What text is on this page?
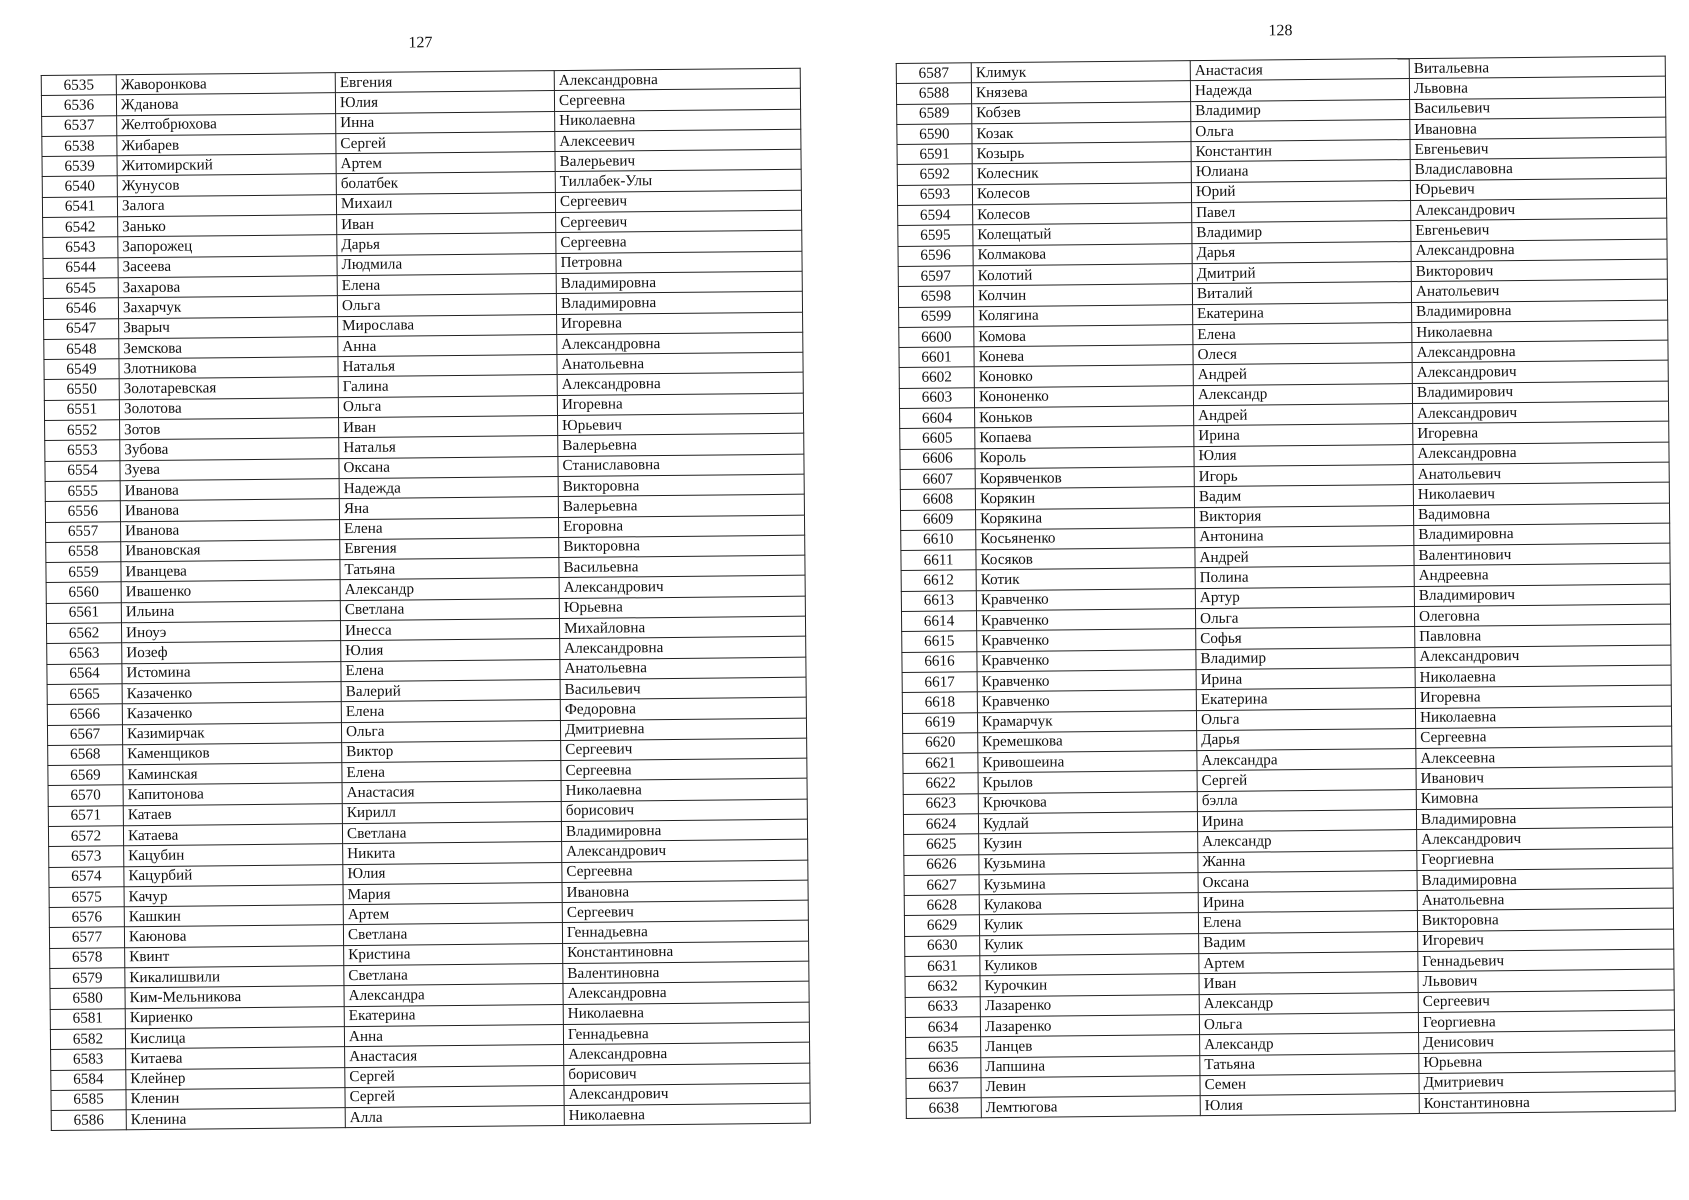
127
6535	Жаворонкова	Евгения	Александровна
6536	Жданова	Юлия	Сергеевна
6537	Желтобрюхова	Инна	Николаевна
6538	Жибарев	Сергей	Алексеевич
6539	Житомирский	Артем	Валерьевич
6540	Жунусов	болатбек	Тиллабек-Улы
6541	Залога	Михаил	Сергеевич
6542	Занько	Иван	Сергеевич
6543	Запорожец	Дарья	Сергеевна
6544	Засеева	Людмила	Петровна
6545	Захарова	Елена	Владимировна
6546	Захарчук	Ольга	Владимировна
6547	Зварыч	Мирослава	Игоревна
6548	Земскова	Анна	Александровна
6549	Злотникова	Наталья	Анатольевна
6550	Золотаревская	Галина	Александровна
6551	Золотова	Ольга	Игоревна
6552	Зотов	Иван	Юрьевич
6553	Зубова	Наталья	Валерьевна
6554	Зуева	Оксана	Станиславовна
6555	Иванова	Надежда	Викторовна
6556	Иванова	Яна	Валерьевна
6557	Иванова	Елена	Егоровна
6558	Ивановская	Евгения	Викторовна
6559	Иванцева	Татьяна	Васильевна
6560	Ивашенко	Александр	Александрович
6561	Ильина	Светлана	Юрьевна
6562	Иноуэ	Инесса	Михайловна
6563	Иозеф	Юлия	Александровна
6564	Истомина	Елена	Анатольевна
6565	Казаченко	Валерий	Васильевич
6566	Казаченко	Елена	Федоровна
6567	Казимирчак	Ольга	Дмитриевна
6568	Каменщиков	Виктор	Сергеевич
6569	Каминская	Елена	Сергеевна
6570	Капитонова	Анастасия	Николаевна
6571	Катаев	Кирилл	борисович
6572	Катаева	Светлана	Владимировна
6573	Кацубин	Никита	Александрович
6574	Кацурбий	Юлия	Сергеевна
6575	Качур	Мария	Ивановна
6576	Кашкин	Артем	Сергеевич
6577	Каюнова	Светлана	Геннадьевна
6578	Квинт	Кристина	Константиновна
6579	Кикалишвили	Светлана	Валентиновна
6580	Ким-Мельникова	Александра	Александровна
6581	Кириенко	Екатерина	Николаевна
6582	Кислица	Анна	Геннадьевна
6583	Китаева	Анастасия	Александровна
6584	Клейнер	Сергей	борисович
6585	Кленин	Сергей	Александрович
6586	Кленина	Алла	Николаевна
128
6587	Климук	Анастасия	Витальевна
6588	Князева	Надежда	Львовна
6589	Кобзев	Владимир	Васильевич
6590	Козак	Ольга	Ивановна
6591	Козырь	Константин	Евгеньевич
6592	Колесник	Юлиана	Владиславовна
6593	Колесов	Юрий	Юрьевич
6594	Колесов	Павел	Александрович
6595	Колещатый	Владимир	Евгеньевич
6596	Колмакова	Дарья	Александровна
6597	Колотий	Дмитрий	Викторович
6598	Колчин	Виталий	Анатольевич
6599	Колягина	Екатерина	Владимировна
6600	Комова	Елена	Николаевна
6601	Конева	Олеся	Александровна
6602	Коновко	Андрей	Александрович
6603	Кононенко	Александр	Владимирович
6604	Коньков	Андрей	Александрович
6605	Копаева	Ирина	Игоревна
6606	Король	Юлия	Александровна
6607	Корявченков	Игорь	Анатольевич
6608	Корякин	Вадим	Николаевич
6609	Корякина	Виктория	Вадимовна
6610	Косьяненко	Антонина	Владимировна
6611	Косяков	Андрей	Валентинович
6612	Котик	Полина	Андреевна
6613	Кравченко	Артур	Владимирович
6614	Кравченко	Ольга	Олеговна
6615	Кравченко	Софья	Павловна
6616	Кравченко	Владимир	Александрович
6617	Кравченко	Ирина	Николаевна
6618	Кравченко	Екатерина	Игоревна
6619	Крамарчук	Ольга	Николаевна
6620	Кремешкова	Дарья	Сергеевна
6621	Кривошеина	Александра	Алексеевна
6622	Крылов	Сергей	Иванович
6623	Крючкова	бэлла	Кимовна
6624	Кудлай	Ирина	Владимировна
6625	Кузин	Александр	Александрович
6626	Кузьмина	Жанна	Георгиевна
6627	Кузьмина	Оксана	Владимировна
6628	Кулакова	Ирина	Анатольевна
6629	Кулик	Елена	Викторовна
6630	Кулик	Вадим	Игоревич
6631	Куликов	Артем	Геннадьевич
6632	Курочкин	Иван	Львович
6633	Лазаренко	Александр	Сергеевич
6634	Лазаренко	Ольга	Георгиевна
6635	Ланцев	Александр	Денисович
6636	Лапшина	Татьяна	Юрьевна
6637	Левин	Семен	Дмитриевич
6638	Лемтюгова	Юлия	Константиновна
